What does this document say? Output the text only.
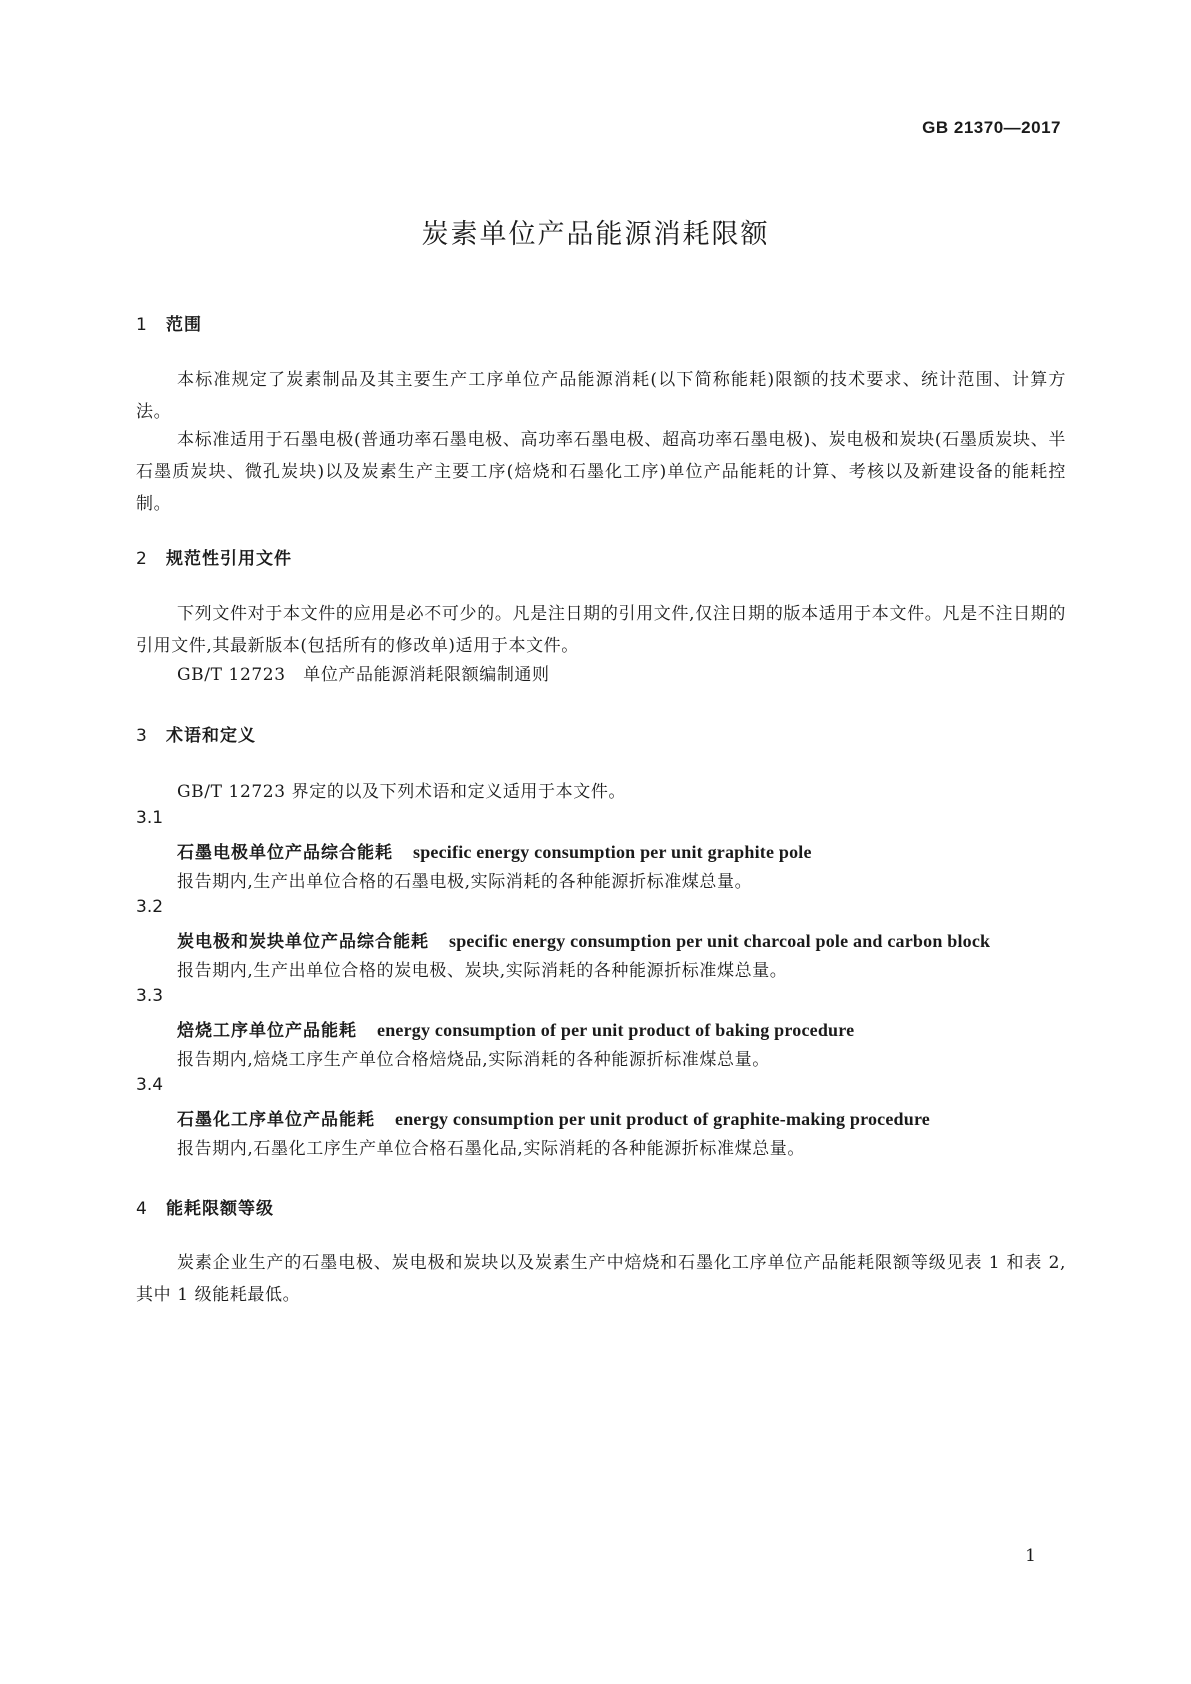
GB 21370—2017
炭素单位产品能源消耗限额
1 范围
本标准规定了炭素制品及其主要生产工序单位产品能源消耗(以下简称能耗)限额的技术要求、统计范围、计算方法。
本标准适用于石墨电极(普通功率石墨电极、高功率石墨电极、超高功率石墨电极)、炭电极和炭块(石墨质炭块、半石墨质炭块、微孔炭块)以及炭素生产主要工序(焙烧和石墨化工序)单位产品能耗的计算、考核以及新建设备的能耗控制。
2 规范性引用文件
下列文件对于本文件的应用是必不可少的。凡是注日期的引用文件,仅注日期的版本适用于本文件。凡是不注日期的引用文件,其最新版本(包括所有的修改单)适用于本文件。
GB/T 12723　单位产品能源消耗限额编制通则
3 术语和定义
GB/T 12723 界定的以及下列术语和定义适用于本文件。
3.1
石墨电极单位产品综合能耗 specific energy consumption per unit graphite pole
报告期内,生产出单位合格的石墨电极,实际消耗的各种能源折标准煤总量。
3.2
炭电极和炭块单位产品综合能耗 specific energy consumption per unit charcoal pole and carbon block
报告期内,生产出单位合格的炭电极、炭块,实际消耗的各种能源折标准煤总量。
3.3
焙烧工序单位产品能耗 energy consumption of per unit product of baking procedure
报告期内,焙烧工序生产单位合格焙烧品,实际消耗的各种能源折标准煤总量。
3.4
石墨化工序单位产品能耗 energy consumption per unit product of graphite-making procedure
报告期内,石墨化工序生产单位合格石墨化品,实际消耗的各种能源折标准煤总量。
4 能耗限额等级
炭素企业生产的石墨电极、炭电极和炭块以及炭素生产中焙烧和石墨化工序单位产品能耗限额等级见表 1 和表 2,其中 1 级能耗最低。
1
